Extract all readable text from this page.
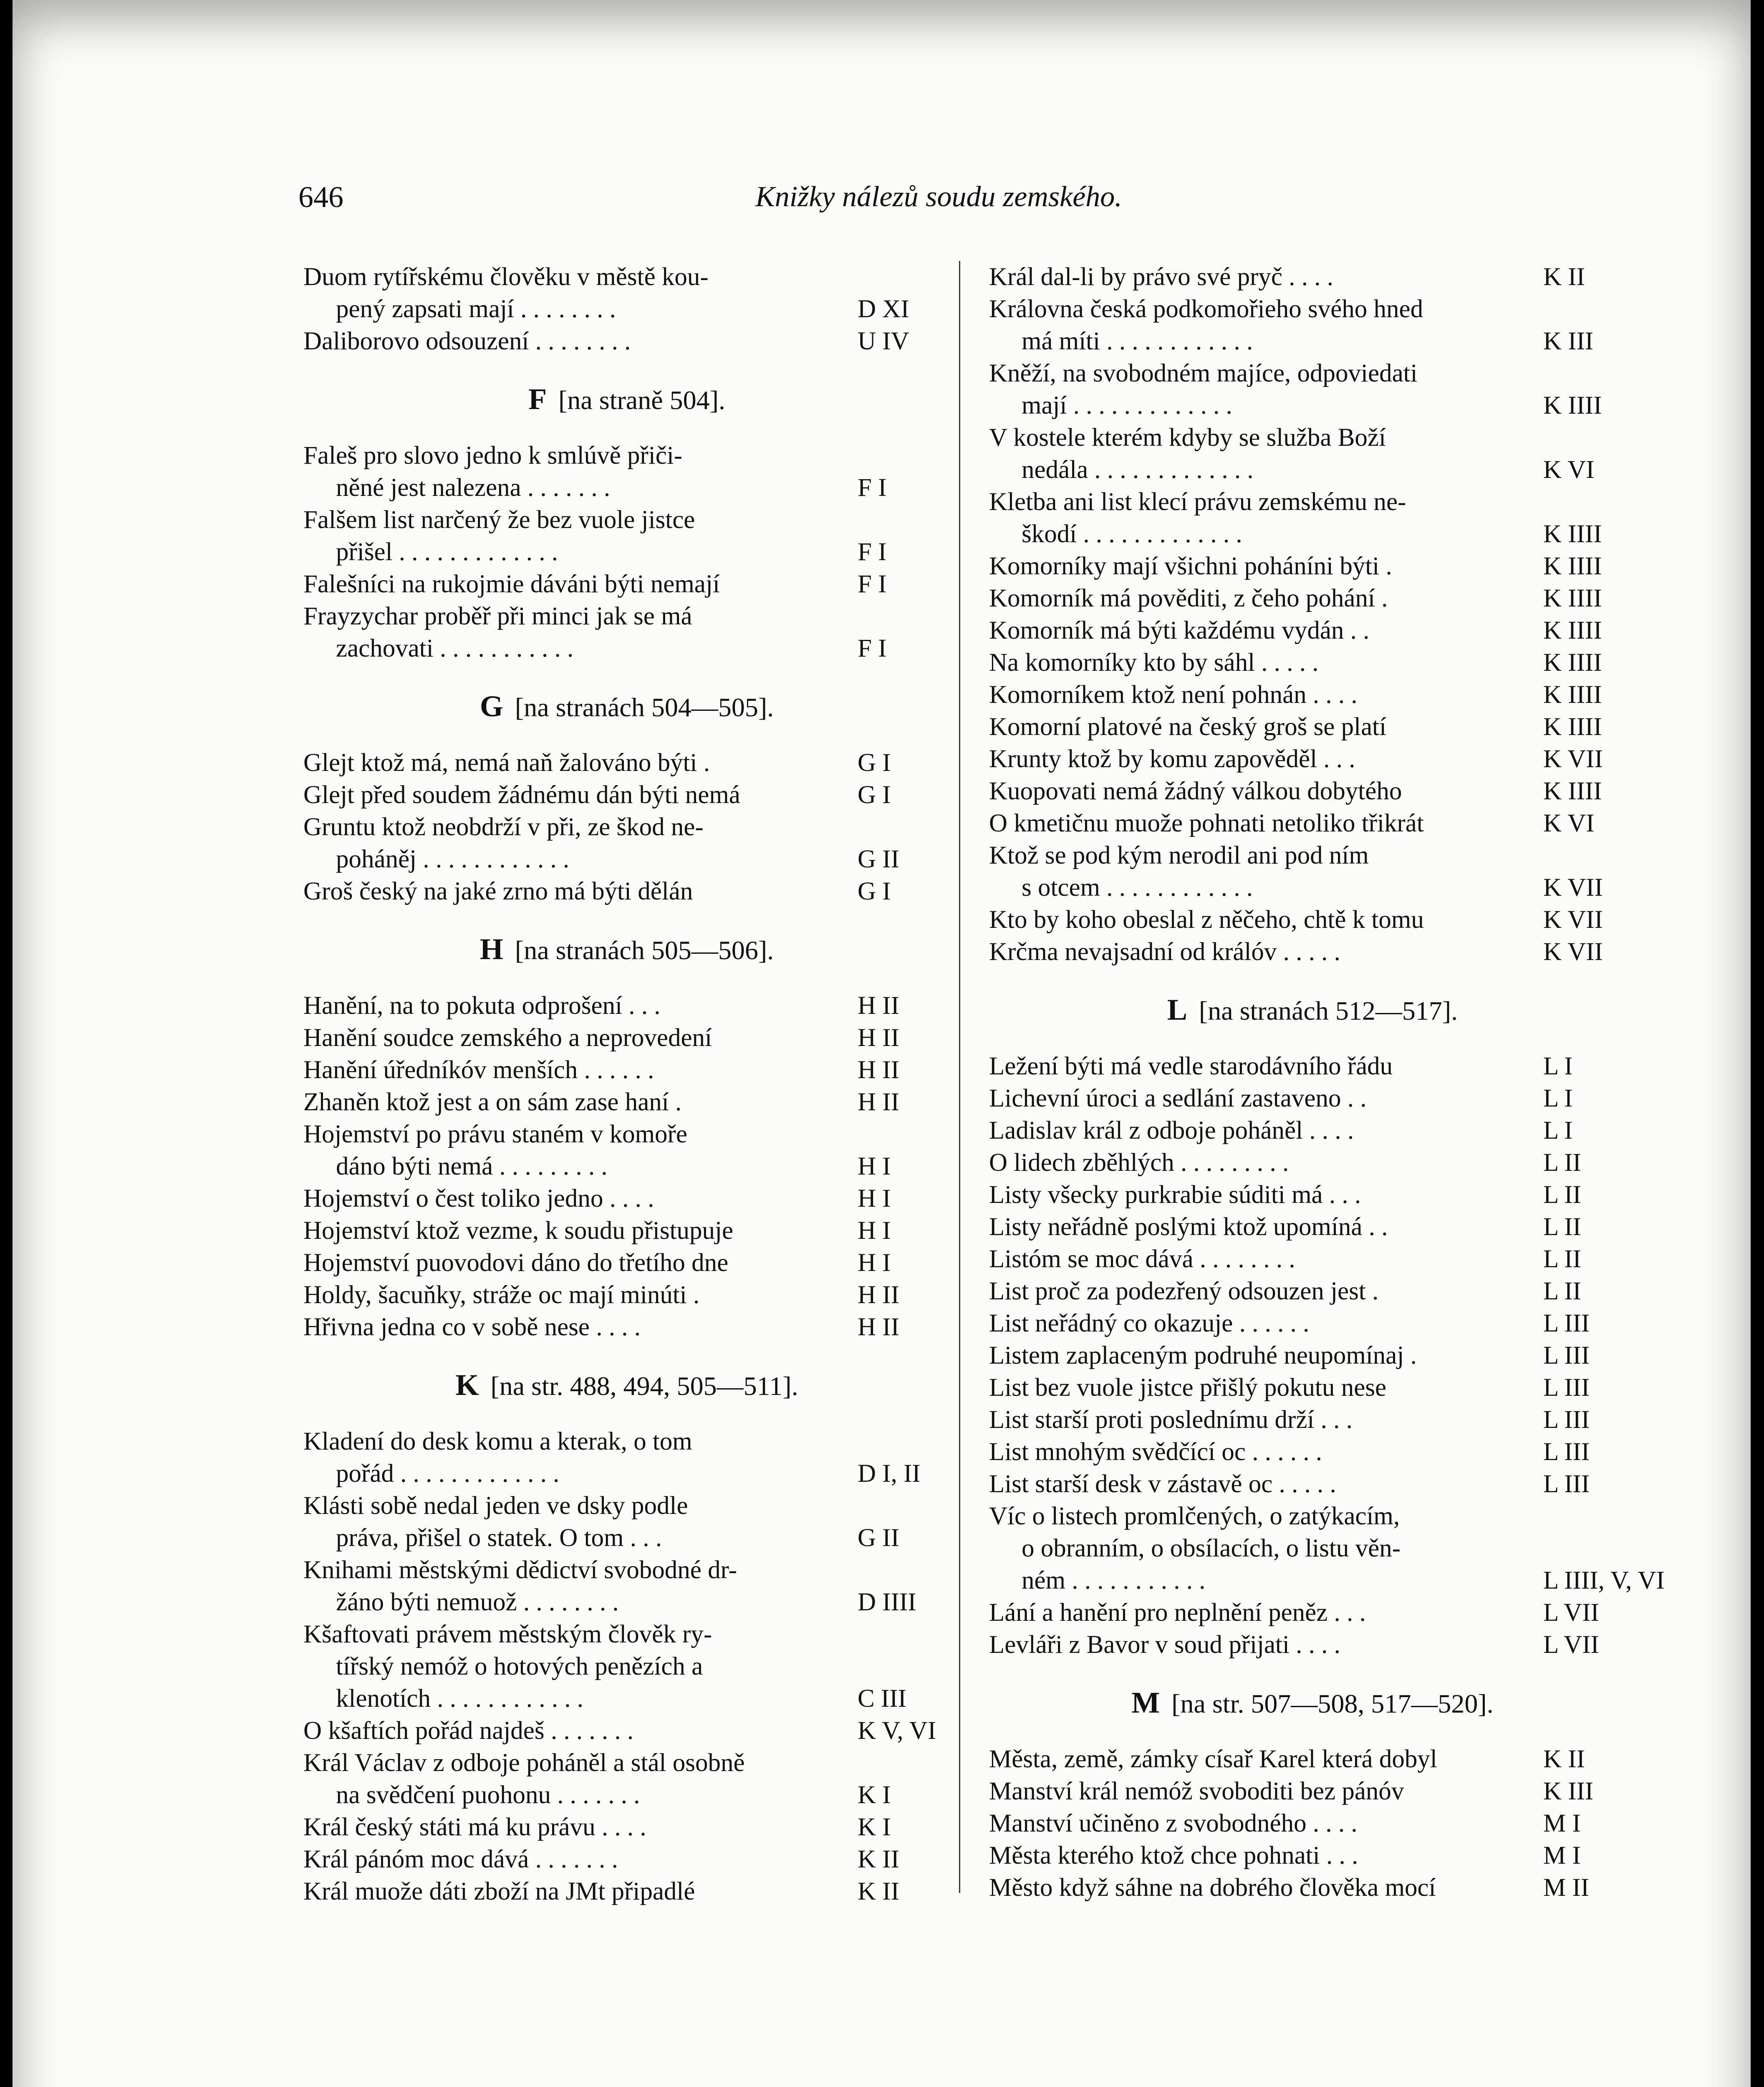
646	Knižky nálezů soudu zemského.
Duom rytířskému člověku v městě kou-
pený zapsati mají . . . . . . . .	D XI
Daliborovo odsouzení . . . . . . . .	U IV
F [na straně 504].
Faleš pro slovo jedno k smlúvě přiči-
něné jest nalezena . . . . . . .	F I
Falšem list narčený že bez vuole jistce
přišel . . . . . . . . . . . . .	F I
Falešníci na rukojmie dáváni býti nemají	F I
Frayzychar proběř při minci jak se má
zachovati . . . . . . . . . . .	F I
G [na stranách 504—505].
Glejt ktož má, nemá naň žalováno býti .	G I
Glejt před soudem žádnému dán býti nemá	G I
Gruntu ktož neobdrží v při, ze škod ne-
poháněj . . . . . . . . . . . .	G II
Groš český na jaké zrno má býti dělán	G I
H [na stranách 505—506].
Hanění, na to pokuta odprošení . . .	H II
Hanění soudce zemského a neprovedení	H II
Hanění úředníkóv menších . . . . . .	H II
Zhaněn ktož jest a on sám zase haní .	H II
Hojemství po právu staném v komoře
dáno býti nemá . . . . . . . . .	H I
Hojemství o čest toliko jedno . . . .	H I
Hojemství ktož vezme, k soudu přistupuje	H I
Hojemství puovodovi dáno do třetího dne	H I
Holdy, šacuňky, stráže oc mají minúti .	H II
Hřivna jedna co v sobě nese . . . .	H II
K [na str. 488, 494, 505—511].
Kladení do desk komu a kterak, o tom
pořád . . . . . . . . . . . . .	D I, II
Klásti sobě nedal jeden ve dsky podle
práva, přišel o statek. O tom . . .	G II
Knihami městskými dědictví svobodné dr-
žáno býti nemuož . . . . . . . .	D IIII
Kšaftovati právem městským člověk ry-
tířský nemóž o hotových penězích a
klenotích . . . . . . . . . . . .	C III
O kšaftích pořád najdeš . . . . . . .	K V, VI
Král Václav z odboje poháněl a stál osobně
na svědčení puohonu . . . . . . .	K I
Král český státi má ku právu . . . .	K I
Král pánóm moc dává . . . . . . .	K II
Král muože dáti zboží na JMt připadlé	K II
Král dal-li by právo své pryč . . . .	K II
Královna česká podkomořieho svého hned
má míti . . . . . . . . . . . .	K III
Kněží, na svobodném majíce, odpoviedati
mají . . . . . . . . . . . . .	K IIII
V kostele kterém kdyby se služba Boží
nedála . . . . . . . . . . . . .	K VI
Kletba ani list klecí právu zemskému ne-
škodí . . . . . . . . . . . . .	K IIII
Komorníky mají všichni poháníni býti .	K IIII
Komorník má pověditi, z čeho pohání .	K IIII
Komorník má býti každému vydán . .	K IIII
Na komorníky kto by sáhl . . . . .	K IIII
Komorníkem ktož není pohnán . . . .	K IIII
Komorní platové na český groš se platí	K IIII
Krunty ktož by komu zapověděl . . .	K VII
Kuopovati nemá žádný válkou dobytého	K IIII
O kmetičnu muože pohnati netoliko třikrát	K VI
Ktož se pod kým nerodil ani pod ním
s otcem . . . . . . . . . . . .	K VII
Kto by koho obeslal z něčeho, chtě k tomu	K VII
Krčma nevajsadní od králóv . . . . .	K VII
L [na stranách 512—517].
Ležení býti má vedle starodávního řádu	L I
Lichevní úroci a sedlání zastaveno . .	L I
Ladislav král z odboje poháněl . . . .	L I
O lidech zběhlých . . . . . . . . .	L II
Listy všecky purkrabie súditi má . . .	L II
Listy neřádně poslými ktož upomíná . .	L II
Listóm se moc dává . . . . . . . .	L II
List proč za podezřený odsouzen jest .	L II
List neřádný co okazuje . . . . . .	L III
Listem zaplaceným podruhé neupomínaj .	L III
List bez vuole jistce přišlý pokutu nese	L III
List starší proti poslednímu drží . . .	L III
List mnohým svědčící oc . . . . . .	L III
List starší desk v zástavě oc . . . . .	L III
Víc o listech promlčených, o zatýkacím,
o obranním, o obsílacích, o listu věn-
ném . . . . . . . . . . .	L IIII, V, VI
Lání a hanění pro neplnění peněz . . .	L VII
Levláři z Bavor v soud přijati . . . .	L VII
M [na str. 507—508, 517—520].
Města, země, zámky císař Karel která dobyl	K II
Manství král nemóž svoboditi bez pánóv	K III
Manství učiněno z svobodného . . . .	M I
Města kterého ktož chce pohnati . . .	M I
Město když sáhne na dobrého člověka mocí	M II
